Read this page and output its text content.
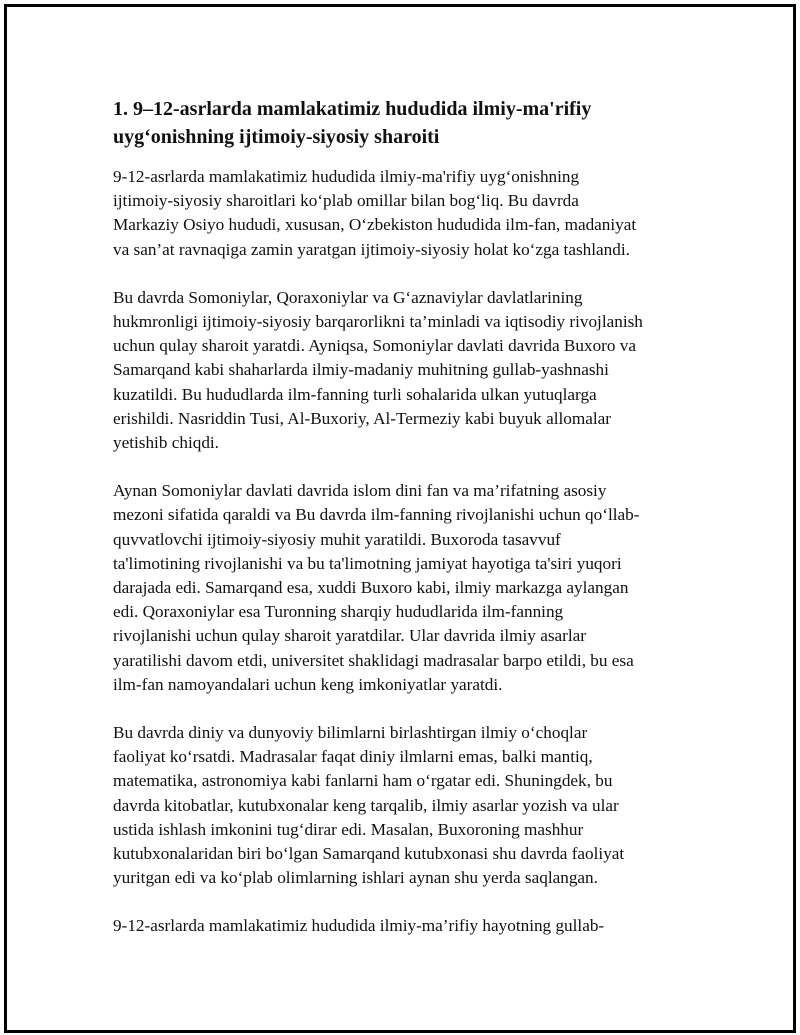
1. 9–12-asrlarda mamlakatimiz hududida ilmiy-ma'rifiy
uyg‘onishning ijtimoiy-siyosiy sharoiti

9-12-asrlarda mamlakatimiz hududida ilmiy-ma'rifiy uyg‘onishning
ijtimoiy-siyosiy sharoitlari ko‘plab omillar bilan bog‘liq. Bu davrda
Markaziy Osiyo hududi, xususan, O‘zbekiston hududida ilm-fan, madaniyat
va san’at ravnaqiga zamin yaratgan ijtimoiy-siyosiy holat ko‘zga tashlandi.

Bu davrda Somoniylar, Qoraxoniylar va G‘aznaviylar davlatlarining
hukmronligi ijtimoiy-siyosiy barqarorlikni ta’minladi va iqtisodiy rivojlanish
uchun qulay sharoit yaratdi. Ayniqsa, Somoniylar davlati davrida Buxoro va
Samarqand kabi shaharlarda ilmiy-madaniy muhitning gullab-yashnashi
kuzatildi. Bu hududlarda ilm-fanning turli sohalarida ulkan yutuqlarga
erishildi. Nasriddin Tusi, Al-Buxoriy, Al-Termeziy kabi buyuk allomalar
yetishib chiqdi.

Aynan Somoniylar davlati davrida islom dini fan va ma’rifatning asosiy
mezoni sifatida qaraldi va Bu davrda ilm-fanning rivojlanishi uchun qo‘llab-
quvvatlovchi ijtimoiy-siyosiy muhit yaratildi. Buxoroda tasavvuf
ta'limotining rivojlanishi va bu ta'limotning jamiyat hayotiga ta'siri yuqori
darajada edi. Samarqand esa, xuddi Buxoro kabi, ilmiy markazga aylangan
edi. Qoraxoniylar esa Turonning sharqiy hududlarida ilm-fanning
rivojlanishi uchun qulay sharoit yaratdilar. Ular davrida ilmiy asarlar
yaratilishi davom etdi, universitet shaklidagi madrasalar barpo etildi, bu esa
ilm-fan namoyandalari uchun keng imkoniyatlar yaratdi.

Bu davrda diniy va dunyoviy bilimlarni birlashtirgan ilmiy o‘choqlar
faoliyat ko‘rsatdi. Madrasalar faqat diniy ilmlarni emas, balki mantiq,
matematika, astronomiya kabi fanlarni ham o‘rgatar edi. Shuningdek, bu
davrda kitobatlar, kutubxonalar keng tarqalib, ilmiy asarlar yozish va ular
ustida ishlash imkonini tug‘dirar edi. Masalan, Buxoroning mashhur
kutubxonalaridan biri bo‘lgan Samarqand kutubxonasi shu davrda faoliyat
yuritgan edi va ko‘plab olimlarning ishlari aynan shu yerda saqlangan.

9-12-asrlarda mamlakatimiz hududida ilmiy-ma’rifiy hayotning gullab-
